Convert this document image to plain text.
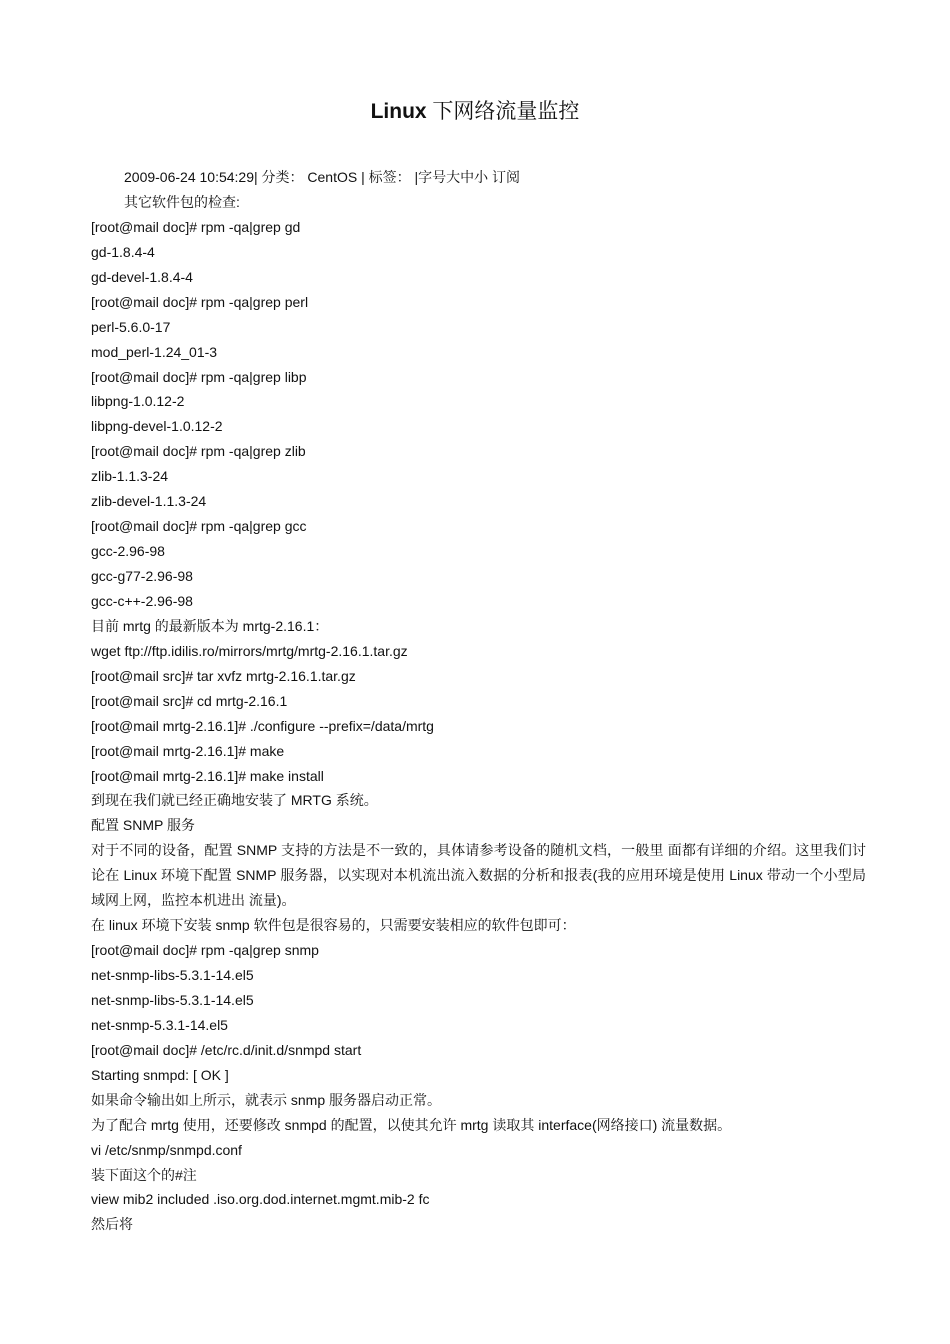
Linux 下网络流量监控
2009-06-24 10:54:29| 分类： CentOS | 标签： |字号大中小 订阅
其它软件包的检查:
[root@mail doc]# rpm -qa|grep gd
gd-1.8.4-4
gd-devel-1.8.4-4
[root@mail doc]# rpm -qa|grep perl
perl-5.6.0-17
mod_perl-1.24_01-3
[root@mail doc]# rpm -qa|grep libp
libpng-1.0.12-2
libpng-devel-1.0.12-2
[root@mail doc]# rpm -qa|grep zlib
zlib-1.1.3-24
zlib-devel-1.1.3-24
[root@mail doc]# rpm -qa|grep gcc
gcc-2.96-98
gcc-g77-2.96-98
gcc-c++-2.96-98
目前 mrtg 的最新版本为 mrtg-2.16.1：
wget ftp://ftp.idilis.ro/mirrors/mrtg/mrtg-2.16.1.tar.gz
[root@mail src]# tar xvfz mrtg-2.16.1.tar.gz
[root@mail src]# cd mrtg-2.16.1
[root@mail mrtg-2.16.1]# ./configure --prefix=/data/mrtg
[root@mail mrtg-2.16.1]# make
[root@mail mrtg-2.16.1]# make install
到现在我们就已经正确地安装了 MRTG 系统。
配置 SNMP 服务
对于不同的设备，配置 SNMP 支持的方法是不一致的，具体请参考设备的随机文档，一般里 面都有详细的介绍。这里我们讨论在 Linux 环境下配置 SNMP 服务器，以实现对本机流出流入数据的分析和报表(我的应用环境是使用 Linux 带动一个小型局域网上网，监控本机进出 流量)。
在 linux 环境下安装 snmp 软件包是很容易的，只需要安装相应的软件包即可：
[root@mail doc]# rpm -qa|grep snmp
net-snmp-libs-5.3.1-14.el5
net-snmp-libs-5.3.1-14.el5
net-snmp-5.3.1-14.el5
[root@mail doc]# /etc/rc.d/init.d/snmpd start
Starting snmpd: [ OK ]
如果命令输出如上所示，就表示 snmp 服务器启动正常。
为了配合 mrtg 使用，还要修改 snmpd 的配置，以使其允许 mrtg 读取其 interface(网络接口) 流量数据。
vi /etc/snmp/snmpd.conf
装下面这个的#注
view mib2 included .iso.org.dod.internet.mgmt.mib-2 fc
然后将
